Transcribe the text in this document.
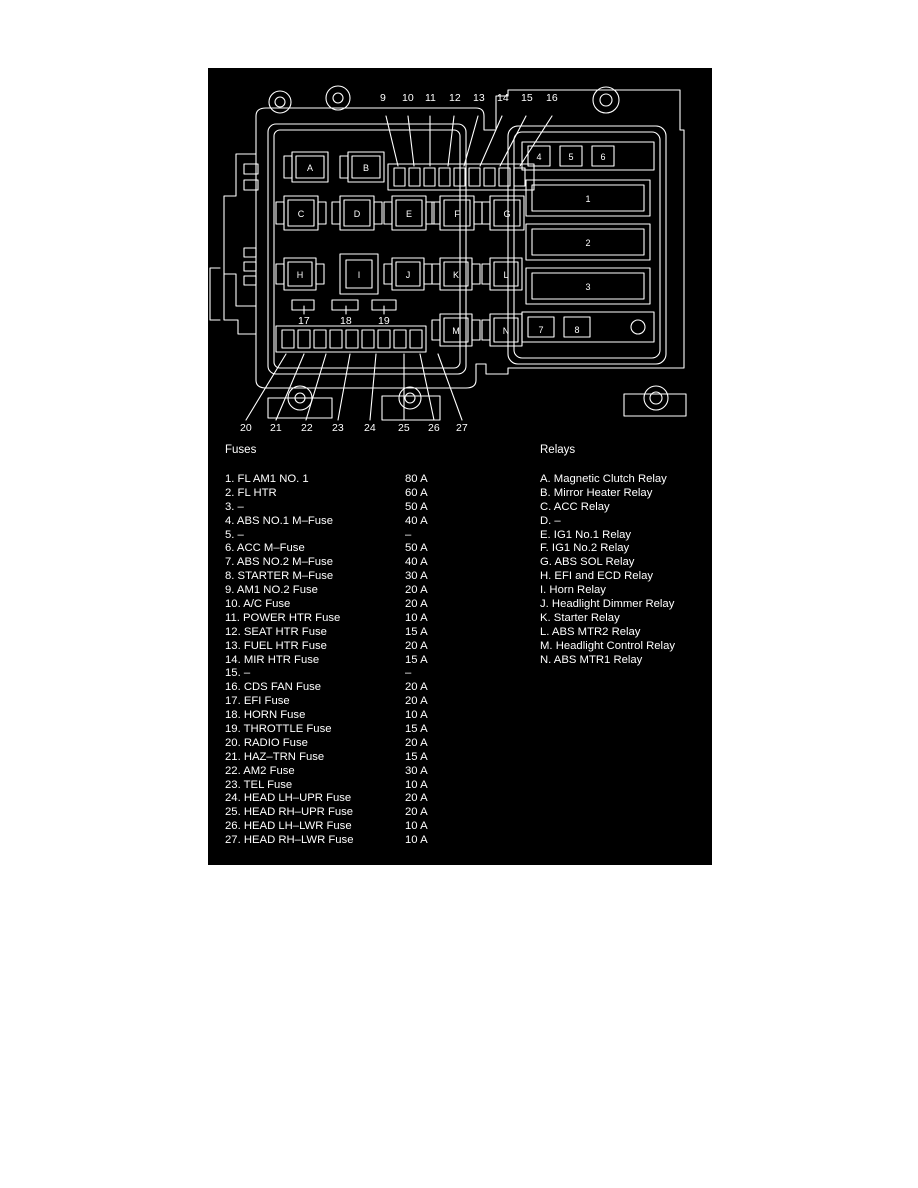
A	B
C	D	E	F	G
H	I	J	K	L
M	N
4	5	6
1
2
3
7	8
9 10 11 12 13 14 15 16
17	18	19
20 21 22 23 24 25 26 27
Fuses
1. FL AM1 NO. 1	80 A
2. FL HTR	60 A
3. –	50 A
4. ABS NO.1 M–Fuse	40 A
5. –	–
6. ACC M–Fuse	50 A
7. ABS NO.2 M–Fuse	40 A
8. STARTER M–Fuse	30 A
9. AM1 NO.2 Fuse	20 A
10. A/C Fuse	20 A
11. POWER HTR Fuse	10 A
12. SEAT HTR Fuse	15 A
13. FUEL HTR Fuse	20 A
14. MIR HTR Fuse	15 A
15. –	–
16. CDS FAN Fuse	20 A
17. EFI Fuse	20 A
18. HORN Fuse	10 A
19. THROTTLE Fuse	15 A
20. RADIO Fuse	20 A
21. HAZ–TRN Fuse	15 A
22. AM2 Fuse	30 A
23. TEL Fuse	10 A
24. HEAD LH–UPR Fuse	20 A
25. HEAD RH–UPR Fuse	20 A
26. HEAD LH–LWR Fuse	10 A
27. HEAD RH–LWR Fuse	10 A
Relays
A. Magnetic Clutch Relay
B. Mirror Heater Relay
C. ACC Relay
D. –
E. IG1 No.1 Relay
F. IG1 No.2 Relay
G. ABS SOL Relay
H. EFI and ECD Relay
I. Horn Relay
J. Headlight Dimmer Relay
K. Starter Relay
L. ABS MTR2 Relay
M. Headlight Control Relay
N. ABS MTR1 Relay
